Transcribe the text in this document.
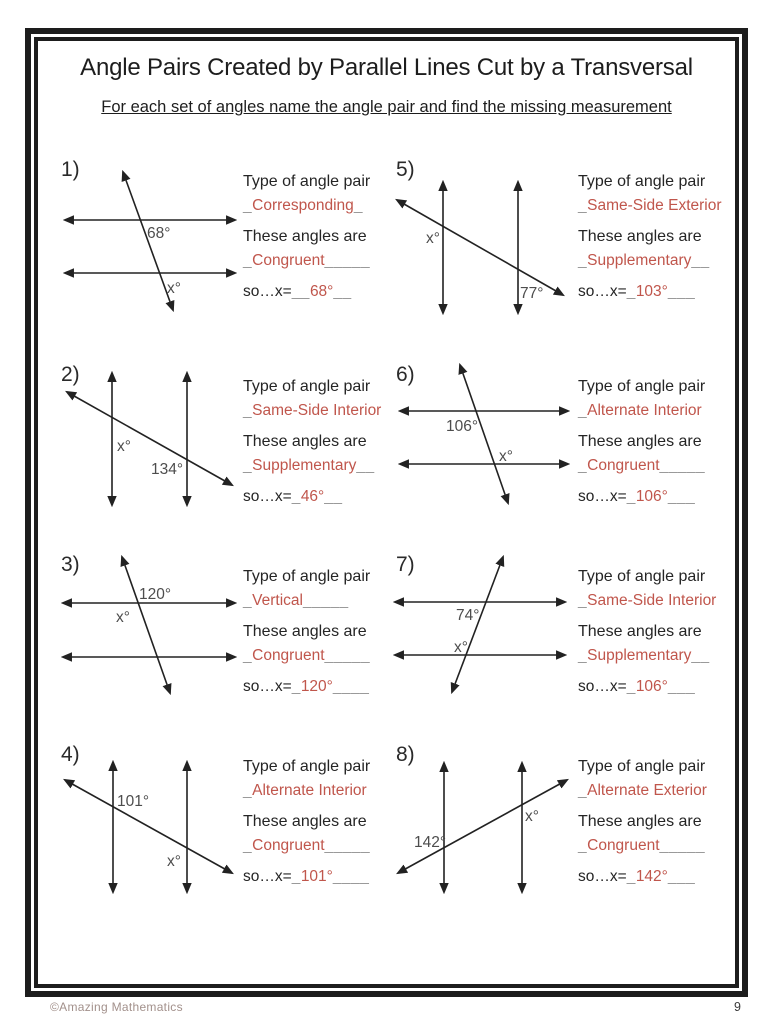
Angle Pairs Created by Parallel Lines Cut by a Transversal
For each set of angles name the angle pair and find the missing measurement
68°
x°
1)
Type of angle pair
_Corresponding_
These angles are
_Congruent_____
so…x=__68°__
x°
77°
5)
Type of angle pair
_Same-Side Exterior
These angles are
_Supplementary__
so…x=_103°___
x°
134°
2)
Type of angle pair
_Same-Side Interior
These angles are
_Supplementary__
so…x=_46°__
106°
x°
6)
Type of angle pair
_Alternate Interior
These angles are
_Congruent_____
so…x=_106°___
120°
x°
3)
Type of angle pair
_Vertical_____
These angles are
_Congruent_____
so…x=_120°____
74°
x°
7)
Type of angle pair
_Same-Side Interior
These angles are
_Supplementary__
so…x=_106°___
101°
x°
4)
Type of angle pair
_Alternate Interior
These angles are
_Congruent_____
so…x=_101°____
142°
x°
8)
Type of angle pair
_Alternate Exterior
These angles are
_Congruent_____
so…x=_142°___
©Amazing Mathematics	9
